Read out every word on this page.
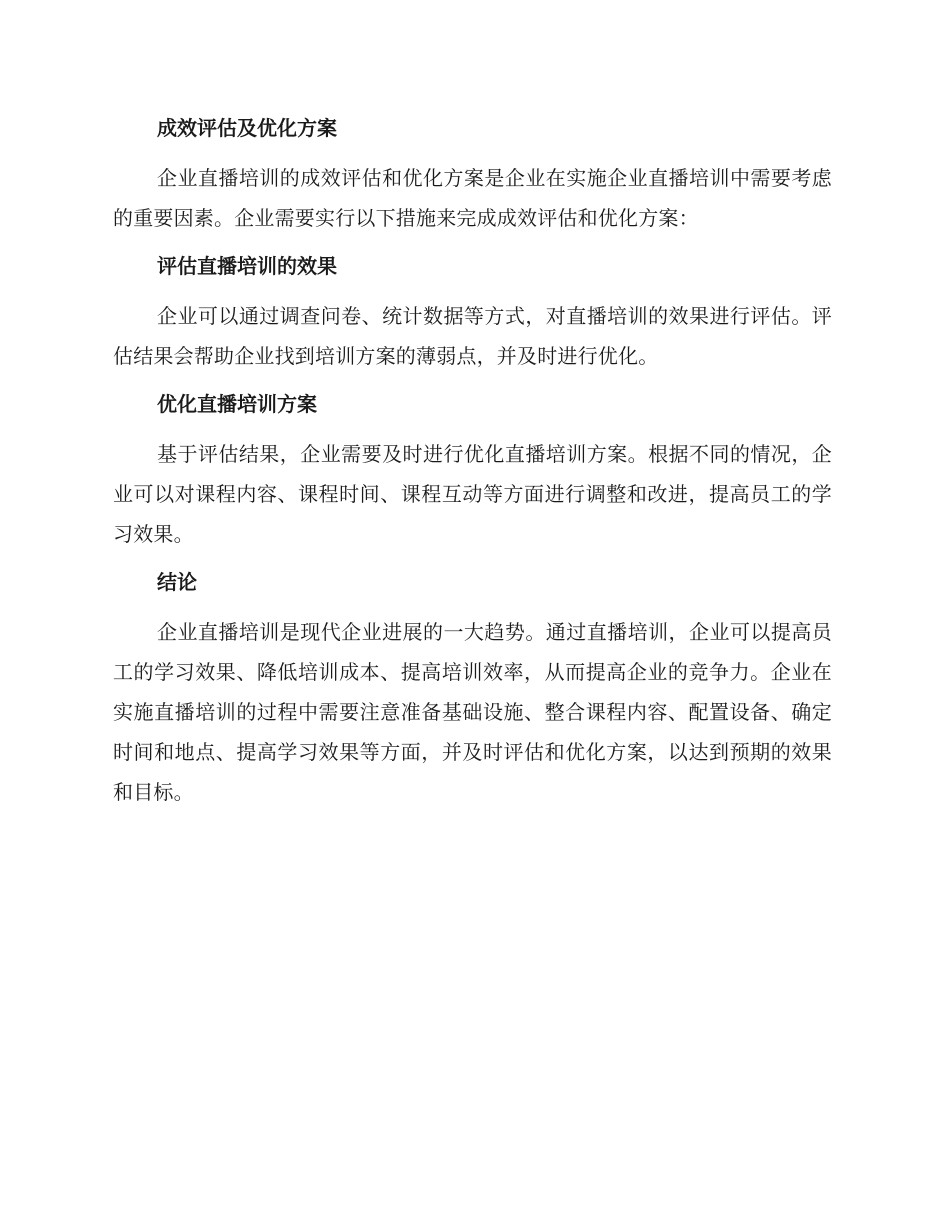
成效评估及优化方案

企业直播培训的成效评估和优化方案是企业在实施企业直播培训中需要考虑的重要因素。企业需要实行以下措施来完成成效评估和优化方案：

评估直播培训的效果

企业可以通过调查问卷、统计数据等方式，对直播培训的效果进行评估。评估结果会帮助企业找到培训方案的薄弱点，并及时进行优化。

优化直播培训方案

基于评估结果，企业需要及时进行优化直播培训方案。根据不同的情况，企业可以对课程内容、课程时间、课程互动等方面进行调整和改进，提高员工的学习效果。

结论

企业直播培训是现代企业进展的一大趋势。通过直播培训，企业可以提高员工的学习效果、降低培训成本、提高培训效率，从而提高企业的竞争力。企业在实施直播培训的过程中需要注意准备基础设施、整合课程内容、配置设备、确定时间和地点、提高学习效果等方面，并及时评估和优化方案，以达到预期的效果和目标。
